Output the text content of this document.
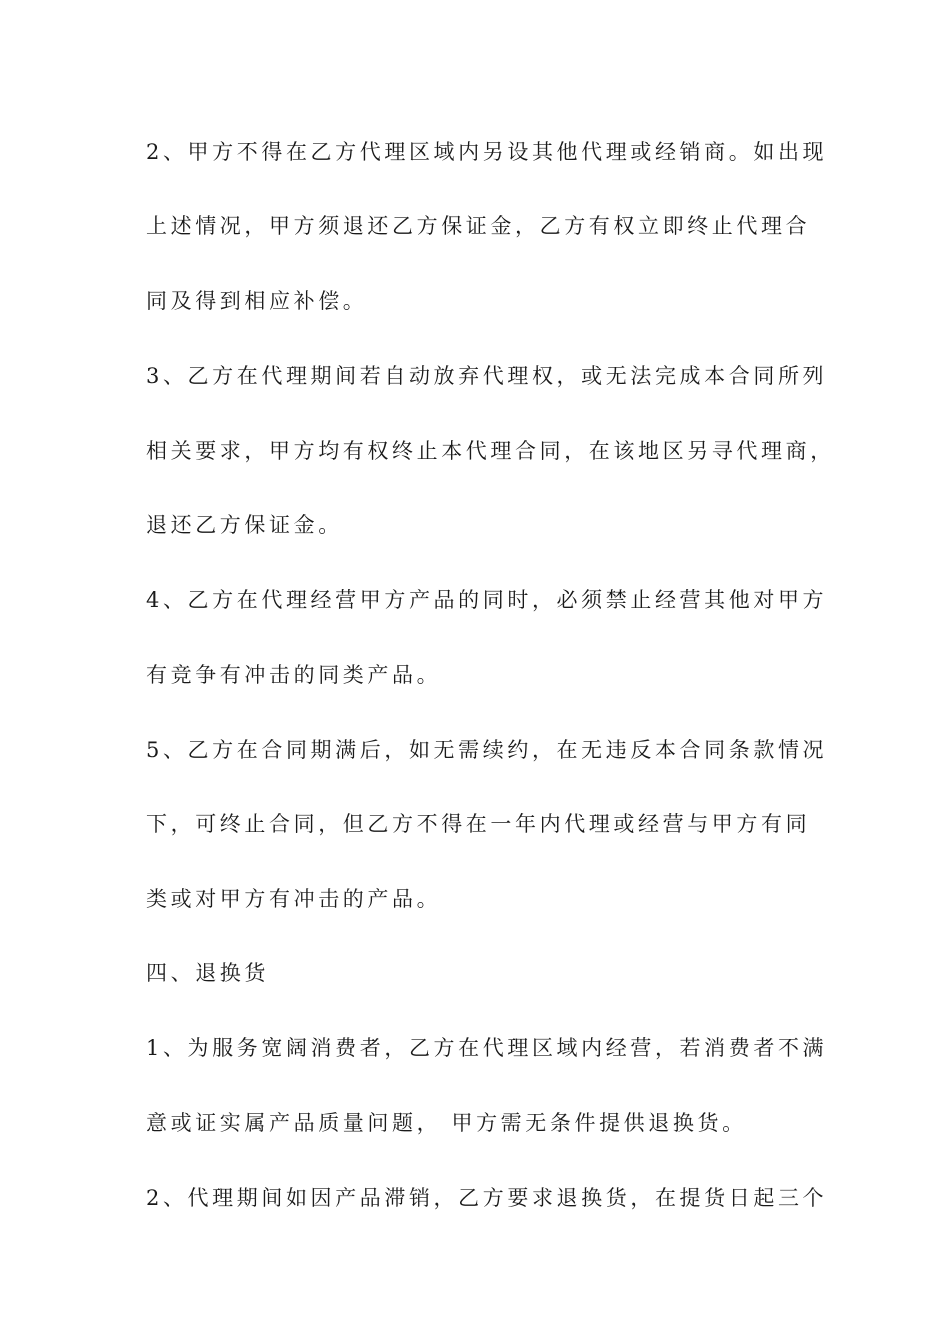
2、甲方不得在乙方代理区域内另设其他代理或经销商。如出现
上述情况，甲方须退还乙方保证金，乙方有权立即终止代理合
同及得到相应补偿。
3、乙方在代理期间若自动放弃代理权，或无法完成本合同所列
相关要求，甲方均有权终止本代理合同，在该地区另寻代理商，
退还乙方保证金。
4、乙方在代理经营甲方产品的同时，必须禁止经营其他对甲方
有竞争有冲击的同类产品。
5、乙方在合同期满后，如无需续约，在无违反本合同条款情况
下，可终止合同，但乙方不得在一年内代理或经营与甲方有同
类或对甲方有冲击的产品。
四、退换货
1、为服务宽阔消费者，乙方在代理区域内经营，若消费者不满
意或证实属产品质量问题， 甲方需无条件提供退换货。
2、代理期间如因产品滞销，乙方要求退换货，在提货日起三个
